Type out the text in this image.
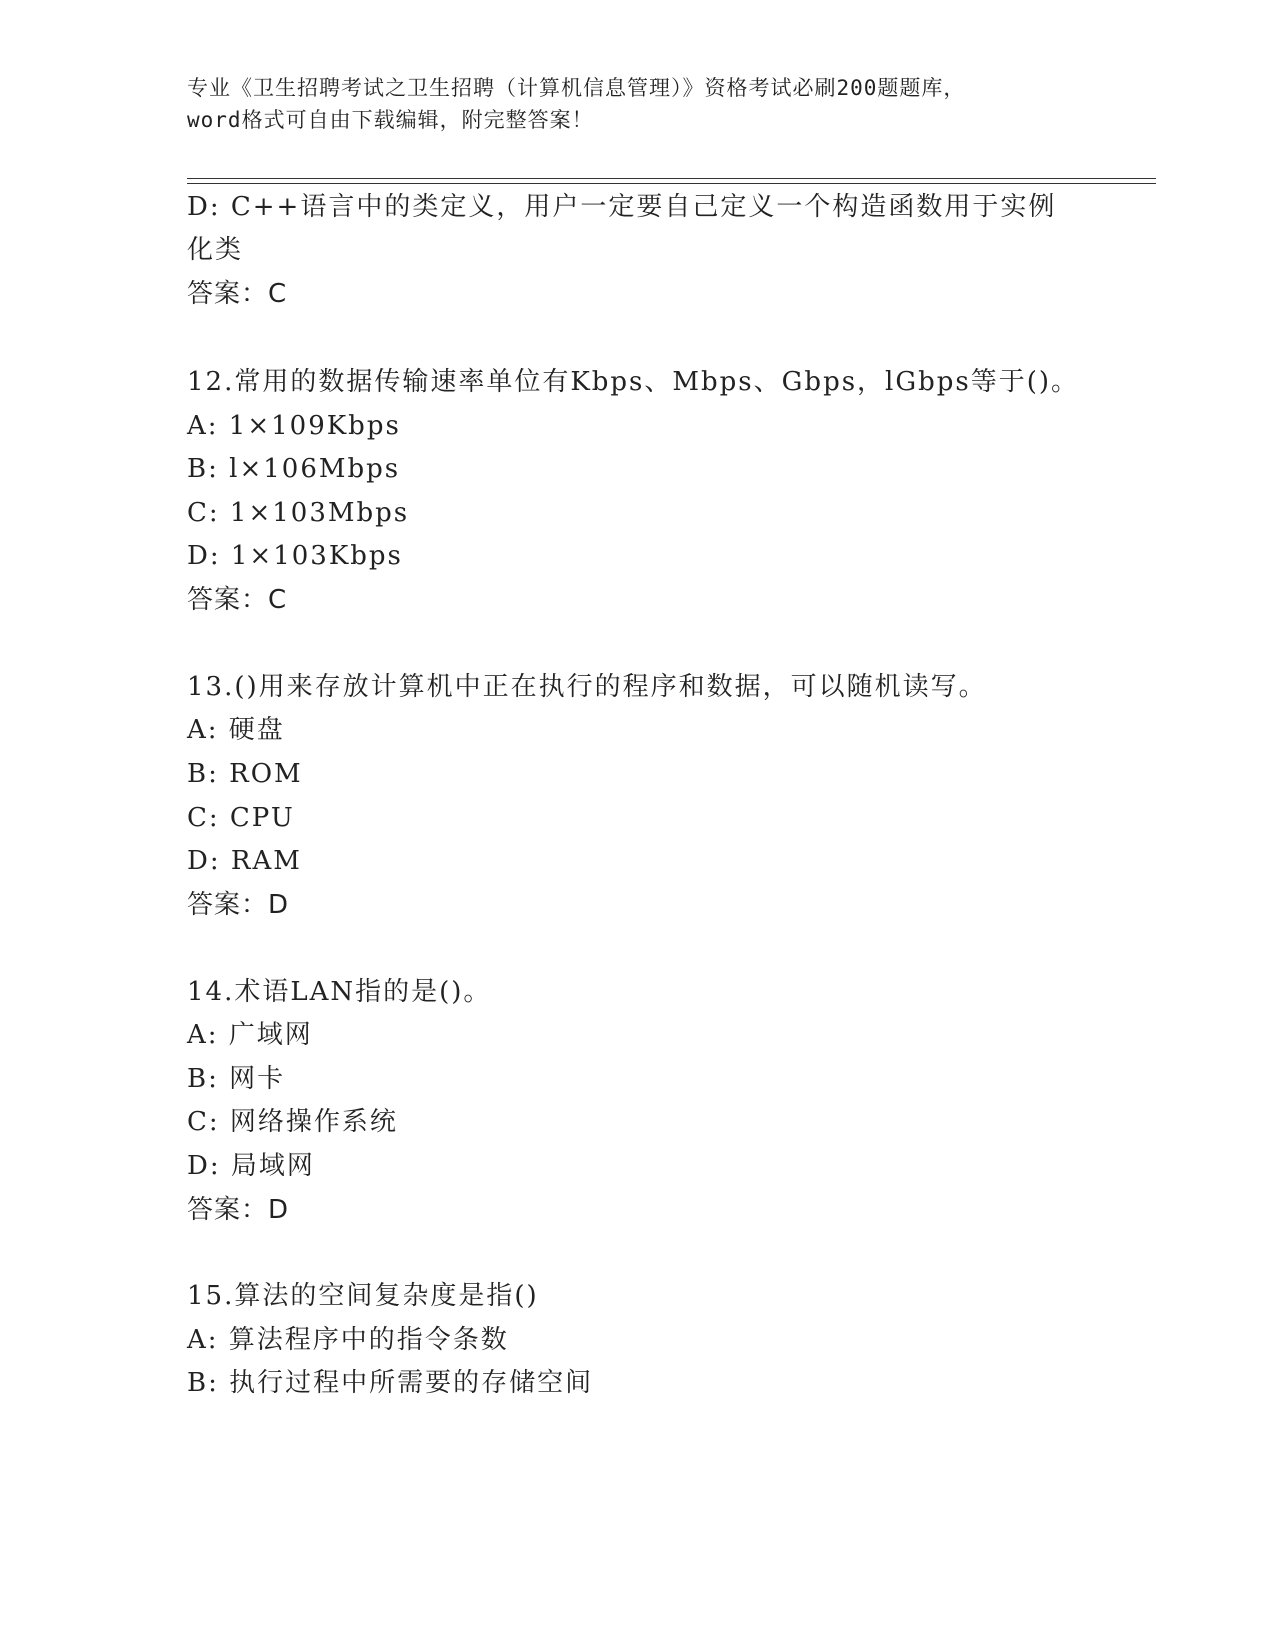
专业《卫生招聘考试之卫生招聘（计算机信息管理）》资格考试必刷200题题库，
word格式可自由下载编辑，附完整答案！
D: C++语言中的类定义，用户一定要自己定义一个构造函数用于实例
化类
答案：C
12.常用的数据传输速率单位有Kbps、Mbps、Gbps，lGbps等于()。
A: 1×109Kbps
B: l×106Mbps
C: 1×103Mbps
D: 1×103Kbps
答案：C
13.()用来存放计算机中正在执行的程序和数据，可以随机读写。
A: 硬盘
B: ROM
C: CPU
D: RAM
答案：D
14.术语LAN指的是()。
A: 广域网
B: 网卡
C: 网络操作系统
D: 局域网
答案：D
15.算法的空间复杂度是指()
A: 算法程序中的指令条数
B: 执行过程中所需要的存储空间
